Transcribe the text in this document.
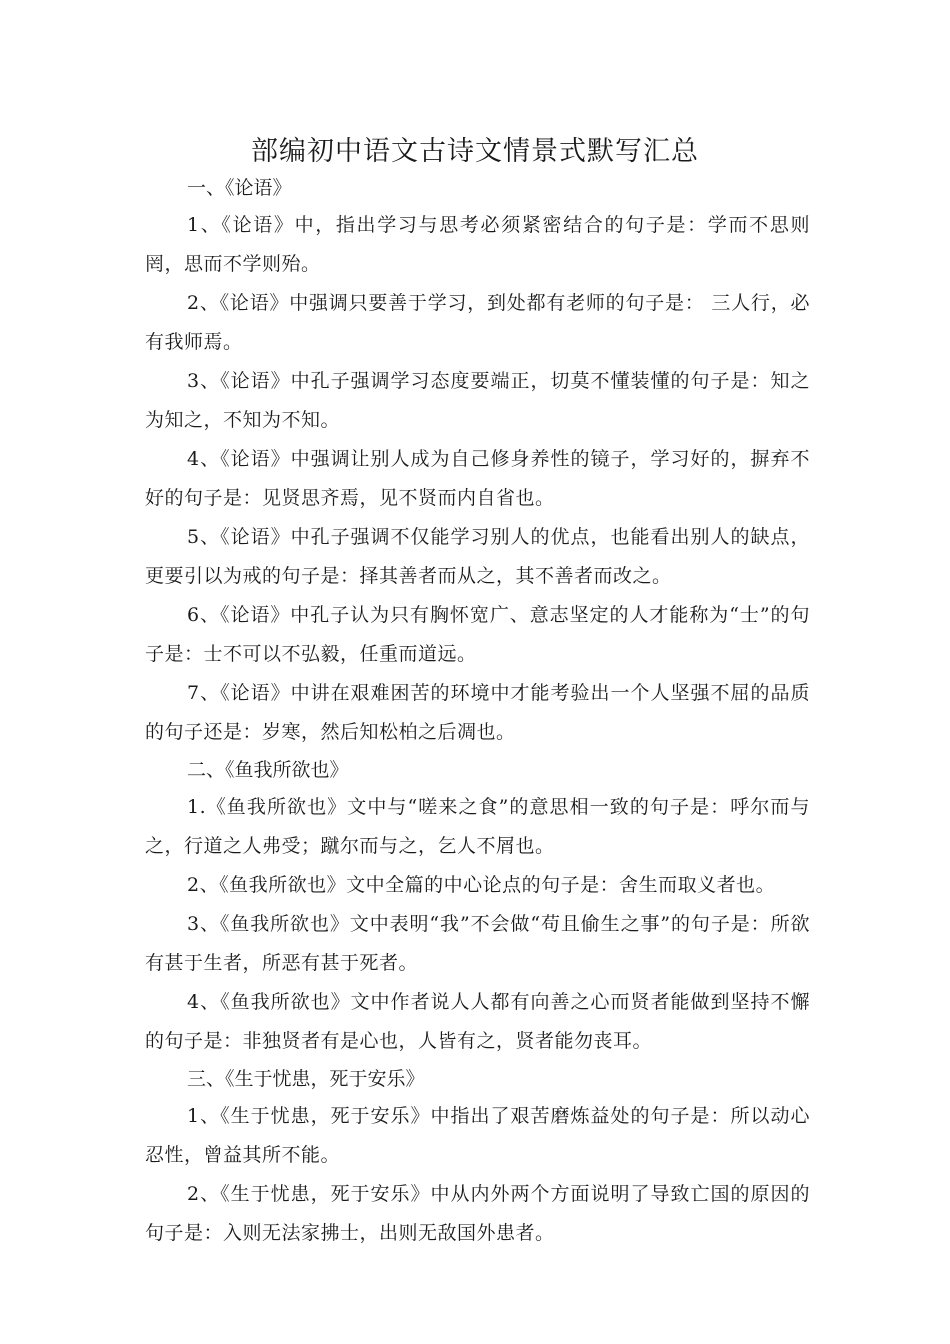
部编初中语文古诗文情景式默写汇总
一、《论语》

1、《论语》中，指出学习与思考必须紧密结合的句子是：学而不思则罔，思而不学则殆。

2、《论语》中强调只要善于学习，到处都有老师的句子是： 三人行，必有我师焉。

3、《论语》中孔子强调学习态度要端正，切莫不懂装懂的句子是：知之为知之，不知为不知。

4、《论语》中强调让别人成为自己修身养性的镜子，学习好的，摒弃不好的句子是：见贤思齐焉，见不贤而内自省也。

5、《论语》中孔子强调不仅能学习别人的优点，也能看出别人的缺点，更要引以为戒的句子是：择其善者而从之，其不善者而改之。

6、《论语》中孔子认为只有胸怀宽广、意志坚定的人才能称为“士”的句子是：士不可以不弘毅，任重而道远。

7、《论语》中讲在艰难困苦的环境中才能考验出一个人坚强不屈的品质的句子还是：岁寒，然后知松柏之后凋也。

二、《鱼我所欲也》

1.《鱼我所欲也》文中与“嗟来之食”的意思相一致的句子是：呼尔而与之，行道之人弗受；蹴尔而与之，乞人不屑也。

2、《鱼我所欲也》文中全篇的中心论点的句子是：舍生而取义者也。

3、《鱼我所欲也》文中表明“我”不会做“苟且偷生之事”的句子是：所欲有甚于生者，所恶有甚于死者。

4、《鱼我所欲也》文中作者说人人都有向善之心而贤者能做到坚持不懈的句子是：非独贤者有是心也，人皆有之，贤者能勿丧耳。

三、《生于忧患，死于安乐》

1、《生于忧患，死于安乐》中指出了艰苦磨炼益处的句子是：所以动心忍性，曾益其所不能。

2、《生于忧患，死于安乐》中从内外两个方面说明了导致亡国的原因的句子是：入则无法家拂士，出则无敌国外患者。
